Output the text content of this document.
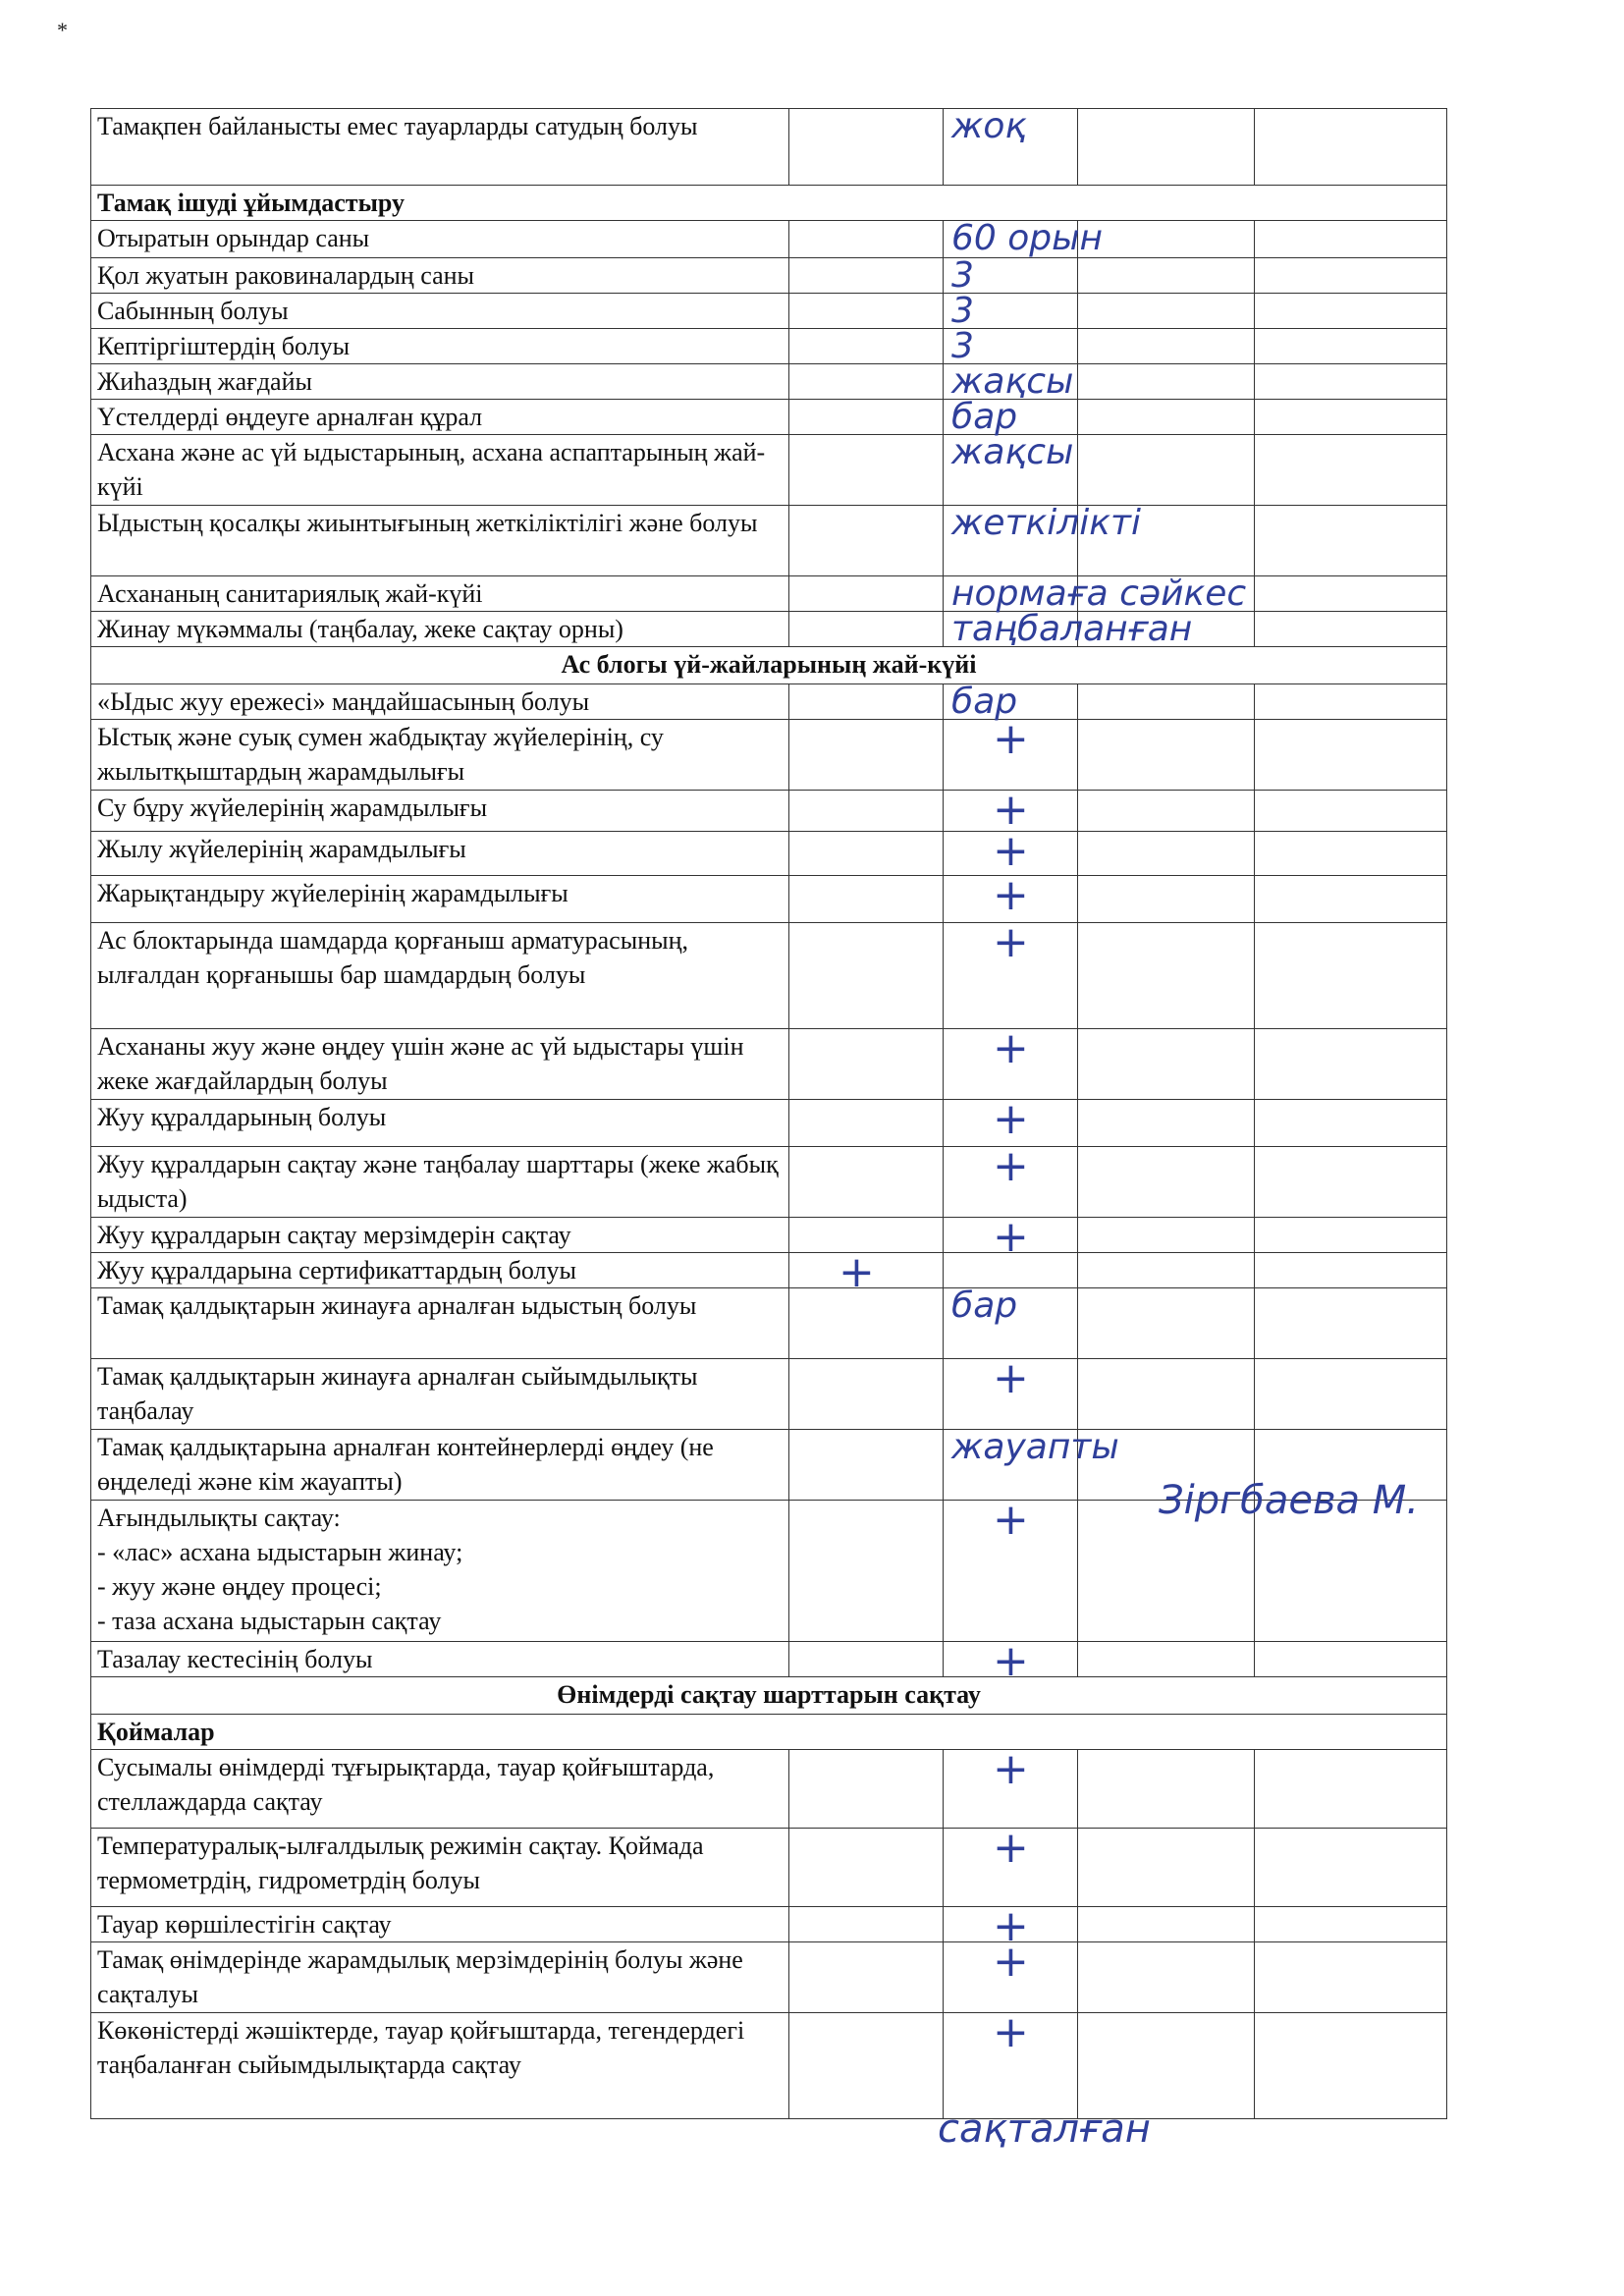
*
Тамақпен байланысты емес тауарларды сатудың болуы		жоқ		

Тамақ ішуді ұйымдастыру				
Отыратын орындар саны		60 орын		

Қол жуатын раковиналардың саны		3		

Сабынның болуы		3		

Кептіргіштердің болуы		3		

Жиһаздың жағдайы		жақсы		

Үстелдерді өңдеуге арналған құрал		бар		

Асхана және ас үй ыдыстарының, асхана аспаптарының жай-күйі		жақсы		

Ыдыстың қосалқы жиынтығының жеткіліктілігі және болуы		жеткілікті		

Асхананың санитариялық жай-күйі		нормаға сәйкес		

Жинау мүкәммалы (таңбалау, жеке сақтау орны)		таңбаланған		

Ас блогы үй-жайларының жай-күйі				
«Ыдыс жуу ережесі» маңдайшасының болуы		бар		

Ыстық және суық сумен жабдықтау жүйелерінің, су жылытқыштардың жарамдылығы		+		

Су бұру жүйелерінің жарамдылығы		+		

Жылу жүйелерінің жарамдылығы		+		

Жарықтандыру жүйелерінің жарамдылығы		+		

Ас блоктарында шамдарда қорғаныш арматурасының, ылғалдан қорғанышы бар шамдардың болуы		+		

Асхананы жуу және өңдеу үшін және ас үй ыдыстары үшін жеке жағдайлардың болуы		+		

Жуу құралдарының болуы		+		

Жуу құралдарын сақтау және таңбалау шарттары (жеке жабық ыдыста)		+		

Жуу құралдарын сақтау мерзімдерін сақтау		+		

Жуу құралдарына сертификаттардың болуы	+			

Тамақ қалдықтарын жинауға арналған ыдыстың болуы		бар		

Тамақ қалдықтарын жинауға арналған сыйымдылықты таңбалау		+		

Тамақ қалдықтарына арналған контейнерлерді өңдеу (не өңделеді және кім жауапты)		жауапты		

Ағындылықты сақтау:
- «лас» асхана ыдыстарын жинау;
- жуу және өңдеу процесі;
- таза асхана ыдыстарын сақтау		+		

Тазалау кестесінің болуы		+		

Өнімдерді сақтау шарттарын сақтау				
Қоймалар				
Сусымалы өнімдерді тұғырықтарда, тауар қойғыштарда, стеллаждарда сақтау		+		

Температуралық-ылғалдылық режимін сақтау. Қоймада термометрдің, гидрометрдің болуы		+		

Тауар көршілестігін сақтау		+		

Тамақ өнімдерінде жарамдылық мерзімдерінің болуы және сақталуы		+		

Көкөністерді жәшіктерде, тауар қойғыштарда, тегендердегі таңбаланған сыйымдылықтарда сақтау		+		

Зіргбаева М.
сақталған
